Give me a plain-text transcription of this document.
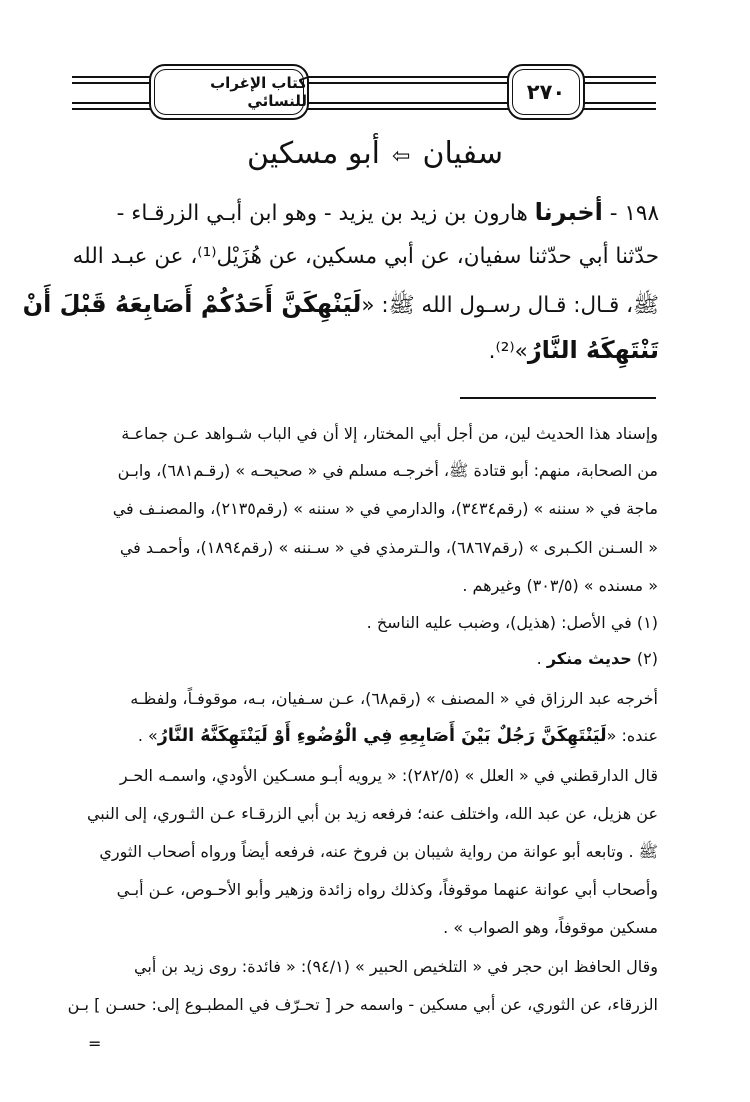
كتاب الإغراب للنسائي	٢٧٠
سفيان⇦أبو مسكين
١٩٨ - أخبرنا هارون بن زيد بن يزيد - وهو ابن أبـي الزرقـاء -
حدّثنا أبي حدّثنا سفيان، عن أبي مسكين، عن هُزَيْل⁽¹⁾، عن عبـد الله
ﷺ، قـال: قـال رسـول الله ﷺ: «لَيَنْهِكَنَّ أَحَدُكُمْ أَصَابِعَهُ قَبْلَ أَنْ
تَنْتَهِكَهُ النَّارُ»⁽²⁾.
وإسناد هذا الحديث لين، من أجل أبي المختار، إلا أن في الباب شـواهد عـن جماعـة
من الصحابة، منهم: أبو قتادة ﷺ، أخرجـه مسلم في « صحيحـه » (رقـم٦٨١)، وابـن
ماجة في « سننه » (رقم٣٤٣٤)، والدارمي في « سننه » (رقم٢١٣٥)، والمصنـف في
« السـنن الكـبرى » (رقم٦٨٦٧)، والـترمذي في « سـننه » (رقم١٨٩٤)، وأحمـد في
« مسنده » (٣٠٣/٥) وغيرهم .
(١) في الأصل: (هذيل)، وضبب عليه الناسخ .
(٢) حديث منكر .
أخرجه عبد الرزاق في « المصنف » (رقم٦٨)، عـن سـفيان، بـه، موقوفـاً، ولفظـه
عنده: «لَيَنْتَهِكَنَّ رَجُلٌ بَيْنَ أَصَابِعِهِ فِي الْوُضُوءِ أَوْ لَيَنْتَهِكَنَّهُ النَّارُ» .
قال الدارقطني في « العلل » (٢٨٢/٥): « يرويه أبـو مسـكين الأودي، واسمـه الحـر
عن هزيل، عن عبد الله، واختلف عنه؛ فرفعه زيد بن أبي الزرقـاء عـن الثـوري، إلى النبي
ﷺ . وتابعه أبو عوانة من رواية شيبان بن فروخ عنه، فرفعه أيضاً ورواه أصحاب الثوري
وأصحاب أبي عوانة عنهما موقوفاً، وكذلك رواه زائدة وزهير وأبو الأحـوص، عـن أبـي
مسكين موقوفاً، وهو الصواب » .
وقال الحافظ ابن حجر في « التلخيص الحبير » (٩٤/١): « فائدة: روى زيد بن أبي
الزرقاء، عن الثوري، عن أبي مسكين - واسمه حر [ تحـرّف في المطبـوع إلى: حسـن ] بـن
=
